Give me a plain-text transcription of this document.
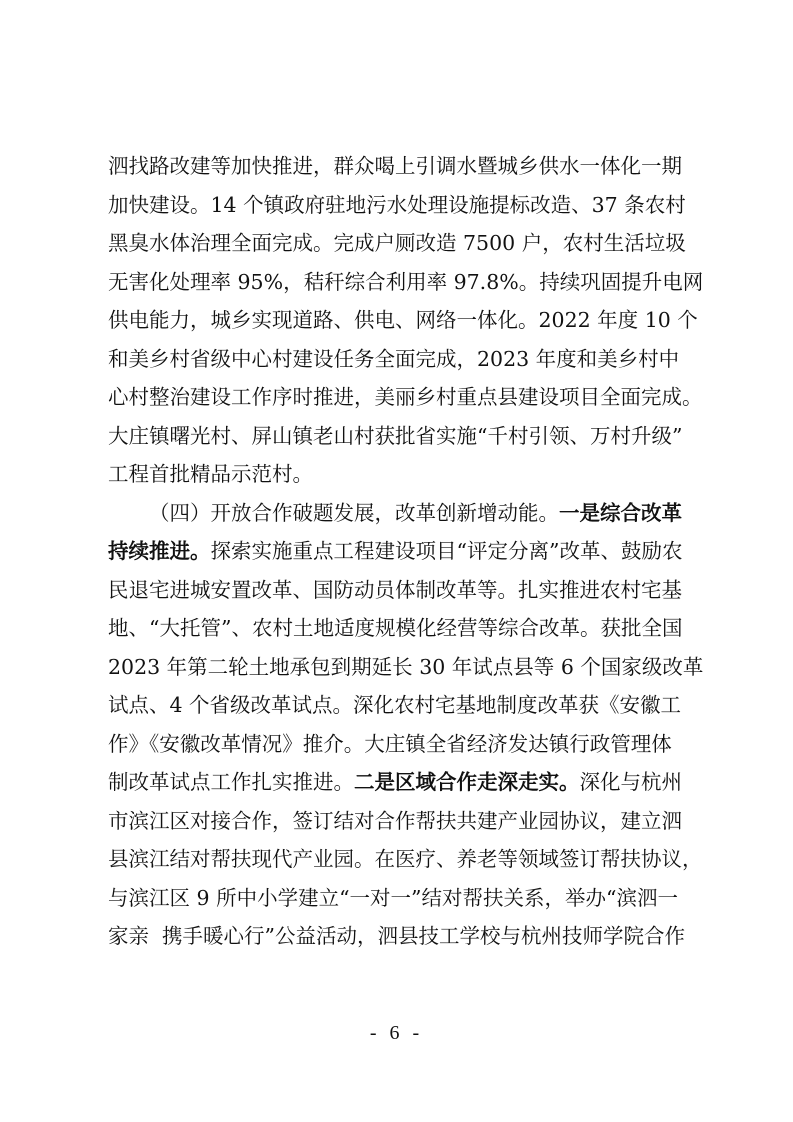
泗找路改建等加快推进，群众喝上引调水暨城乡供水一体化一期
加快建设。14 个镇政府驻地污水处理设施提标改造、37 条农村
黑臭水体治理全面完成。完成户厕改造 7500 户，农村生活垃圾
无害化处理率 95%，秸秆综合利用率 97.8%。持续巩固提升电网
供电能力，城乡实现道路、供电、网络一体化。2022 年度 10 个
和美乡村省级中心村建设任务全面完成，2023 年度和美乡村中
心村整治建设工作序时推进，美丽乡村重点县建设项目全面完成。
大庄镇曙光村、屏山镇老山村获批省实施“千村引领、万村升级”
工程首批精品示范村。
（四）开放合作破题发展，改革创新增动能。一是综合改革
持续推进。探索实施重点工程建设项目“评定分离”改革、鼓励农
民退宅进城安置改革、国防动员体制改革等。扎实推进农村宅基
地、“大托管”、农村土地适度规模化经营等综合改革。获批全国
2023 年第二轮土地承包到期延长 30 年试点县等 6 个国家级改革
试点、4 个省级改革试点。深化农村宅基地制度改革获《安徽工
作》《安徽改革情况》推介。大庄镇全省经济发达镇行政管理体
制改革试点工作扎实推进。二是区域合作走深走实。深化与杭州
市滨江区对接合作，签订结对合作帮扶共建产业园协议，建立泗
县滨江结对帮扶现代产业园。在医疗、养老等领域签订帮扶协议，
与滨江区 9 所中小学建立“一对一”结对帮扶关系，举办“滨泗一
家亲  携手暖心行”公益活动，泗县技工学校与杭州技师学院合作
- 6 -
